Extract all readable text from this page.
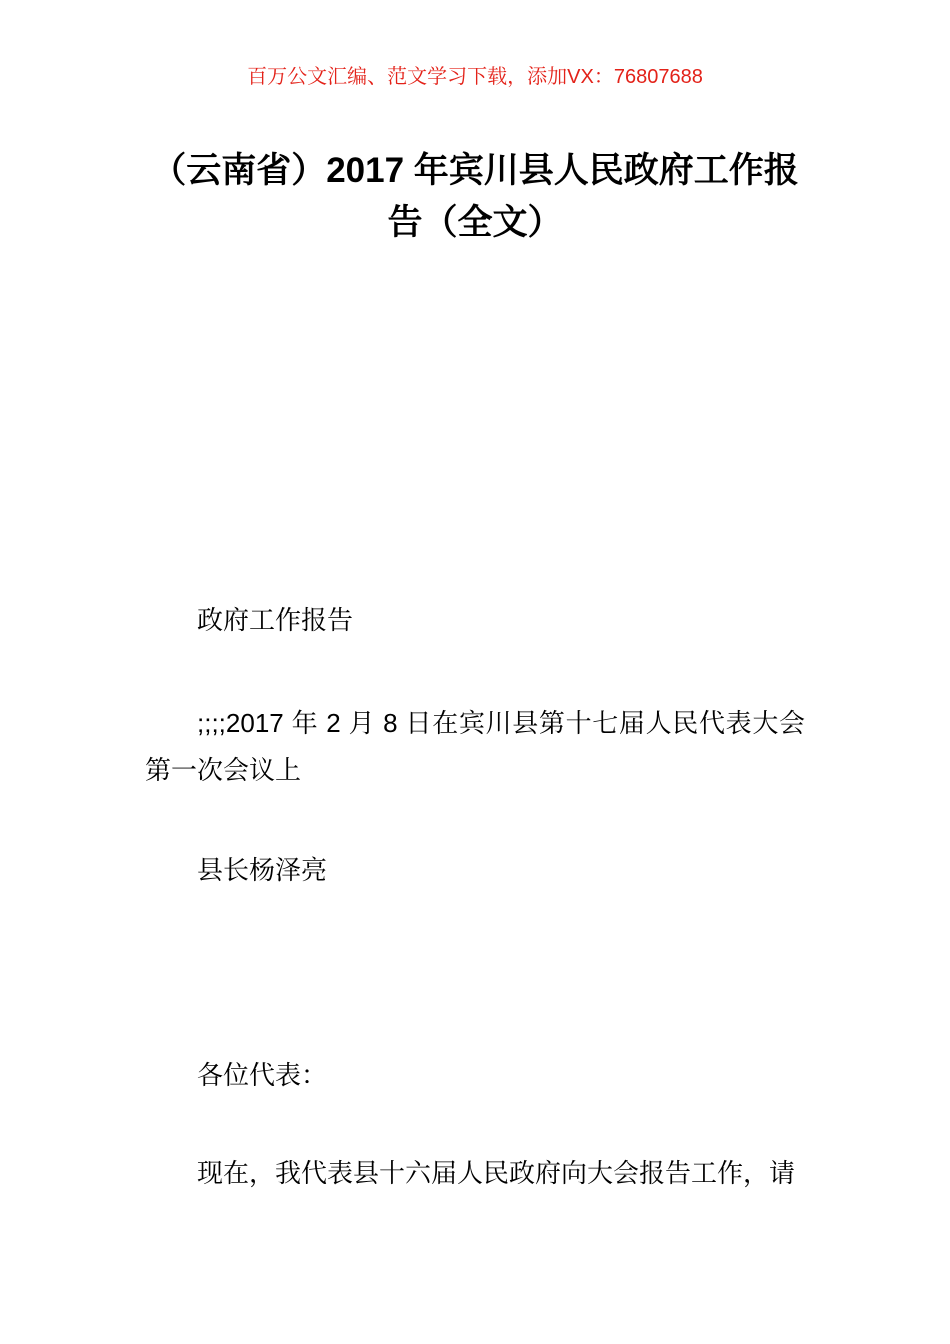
百万公文汇编、范文学习下载，添加VX：76807688
（云南省）2017 年宾川县人民政府工作报告（全文）

政府工作报告

;;;;2017 年 2 月 8 日在宾川县第十七届人民代表大会第一次会议上

县长杨泽亮

各位代表：

现在，我代表县十六届人民政府向大会报告工作，请
